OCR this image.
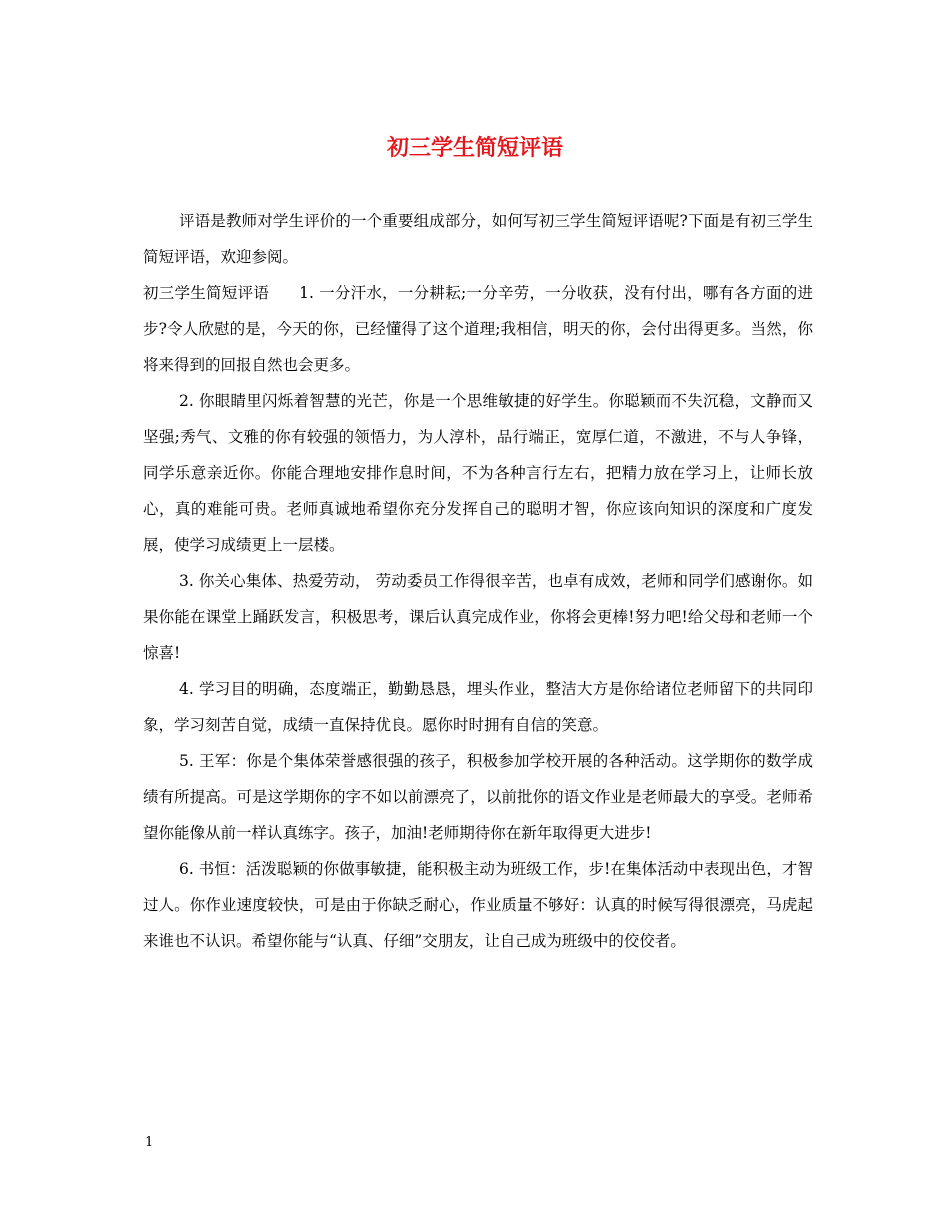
初三学生简短评语

评语是教师对学生评价的一个重要组成部分，如何写初三学生简短评语呢?下面是有初三学生简短评语，欢迎参阅。

初三学生简短评语 1. 一分汗水，一分耕耘;一分辛劳，一分收获，没有付出，哪有各方面的进步?令人欣慰的是，今天的你，已经懂得了这个道理;我相信，明天的你，会付出得更多。当然，你将来得到的回报自然也会更多。

2. 你眼睛里闪烁着智慧的光芒，你是一个思维敏捷的好学生。你聪颖而不失沉稳，文静而又坚强;秀气、文雅的你有较强的领悟力，为人淳朴，品行端正，宽厚仁道，不激进，不与人争锋，同学乐意亲近你。你能合理地安排作息时间，不为各种言行左右，把精力放在学习上，让师长放心，真的难能可贵。老师真诚地希望你充分发挥自己的聪明才智，你应该向知识的深度和广度发展，使学习成绩更上一层楼。

3. 你关心集体、热爱劳动， 劳动委员工作得很辛苦，也卓有成效，老师和同学们感谢你。如果你能在课堂上踊跃发言，积极思考，课后认真完成作业，你将会更棒!努力吧!给父母和老师一个惊喜!

4. 学习目的明确，态度端正，勤勤恳恳，埋头作业，整洁大方是你给诸位老师留下的共同印象，学习刻苦自觉，成绩一直保持优良。愿你时时拥有自信的笑意。

5. 王军：你是个集体荣誉感很强的孩子，积极参加学校开展的各种活动。这学期你的数学成绩有所提高。可是这学期你的字不如以前漂亮了，以前批你的语文作业是老师最大的享受。老师希望你能像从前一样认真练字。孩子，加油!老师期待你在新年取得更大进步!

6. 书恒：活泼聪颖的你做事敏捷，能积极主动为班级工作，步!在集体活动中表现出色，才智过人。你作业速度较快，可是由于你缺乏耐心，作业质量不够好：认真的时候写得很漂亮，马虎起来谁也不认识。希望你能与“认真、仔细”交朋友，让自己成为班级中的佼佼者。

1
